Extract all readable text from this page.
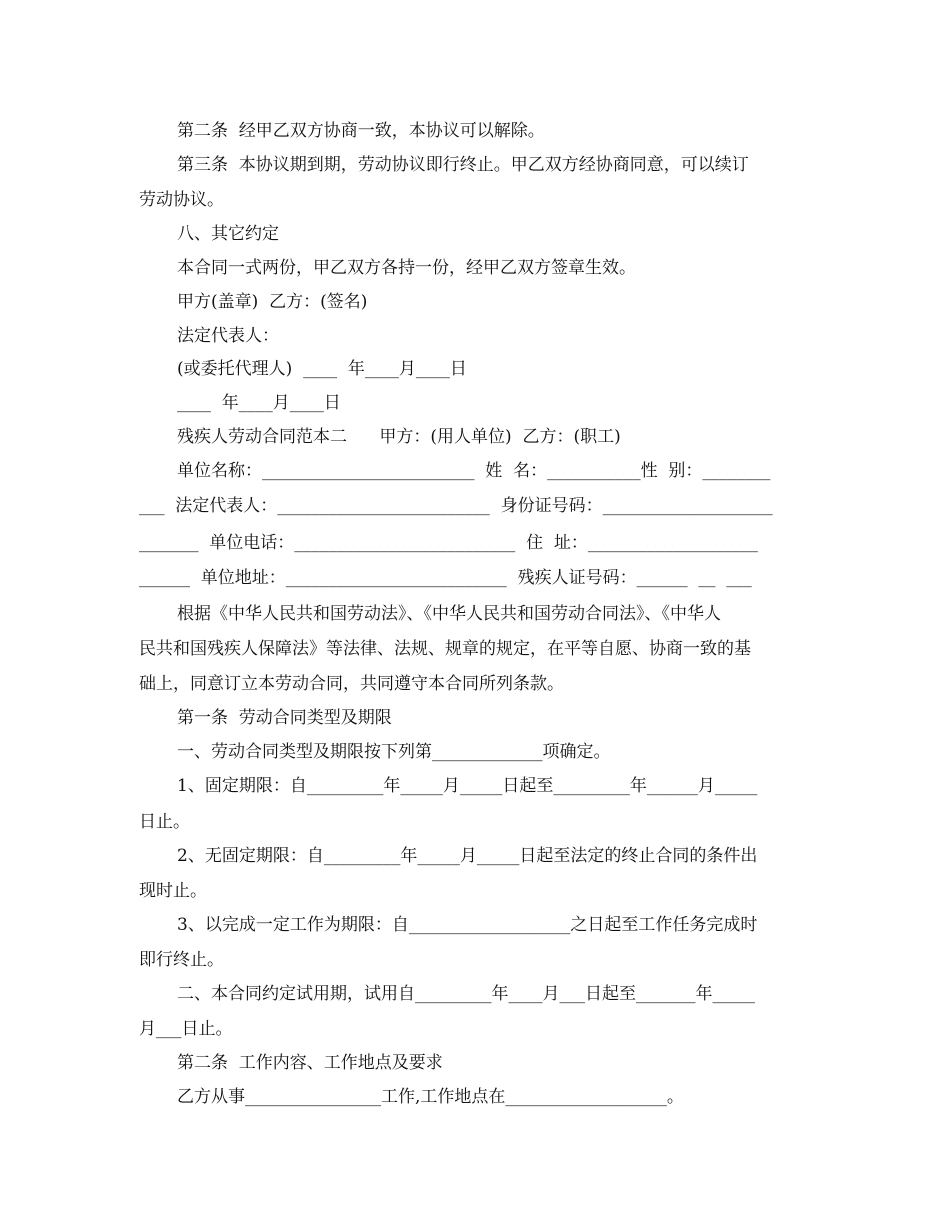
第二条  经甲乙双方协商一致，本协议可以解除。
第三条  本协议期到期，劳动协议即行终止。甲乙双方经协商同意，可以续订
劳动协议。
八、其它约定
本合同一式两份，甲乙双方各持一份，经甲乙双方签章生效。
甲方(盖章)  乙方：(签名)
法定代表人：
(或委托代理人)  ____  年____月____日
____  年____月____日
残疾人劳动合同范本二      甲方：(用人单位)  乙方：(职工)
单位名称：_________________________  姓  名：___________性  别：________
___  法定代表人：_________________________  身份证号码：____________________
_______  单位电话：__________________________  住  址：____________________
______  单位地址：__________________________  残疾人证号码：______  __  ___
根据《中华人民共和国劳动法》、《中华人民共和国劳动合同法》、《中华人
民共和国残疾人保障法》等法律、法规、规章的规定，在平等自愿、协商一致的基
础上，同意订立本劳动合同，共同遵守本合同所列条款。
第一条  劳动合同类型及期限
一、劳动合同类型及期限按下列第_____________项确定。
1、固定期限：自_________年_____月_____日起至_________年______月_____
日止。
2、无固定期限：自_________年_____月_____日起至法定的终止合同的条件出
现时止。
3、以完成一定工作为期限：自___________________之日起至工作任务完成时
即行终止。
二、本合同约定试用期，试用自_________年____月___日起至_______年_____
月___日止。
第二条  工作内容、工作地点及要求
乙方从事________________工作,工作地点在___________________。
